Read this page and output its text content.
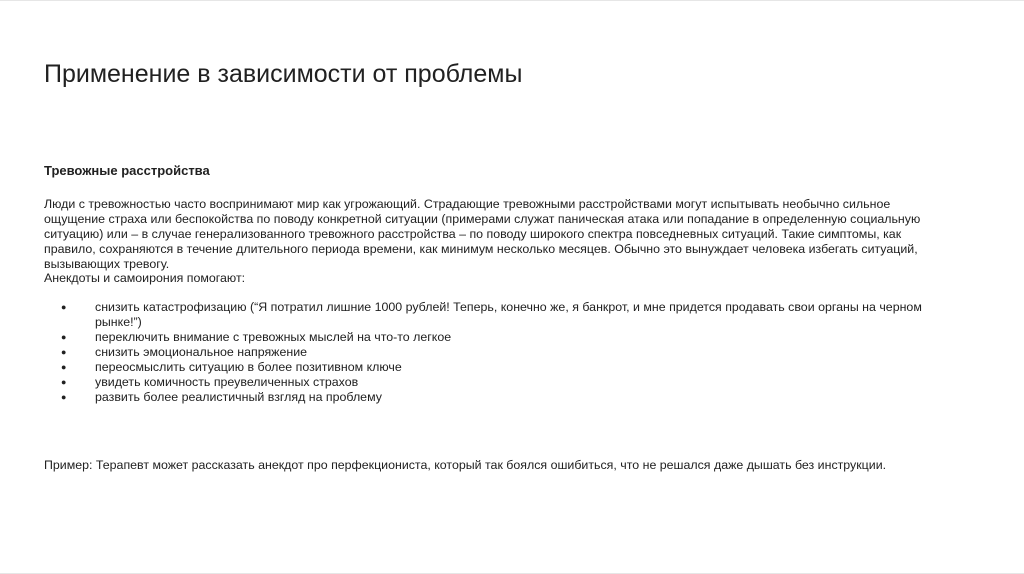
Применение в зависимости от проблемы
Тревожные расстройства
Люди с тревожностью часто воспринимают мир как угрожающий. Страдающие тревожными расстройствами могут испытывать необычно сильное
ощущение страха или беспокойства по поводу конкретной ситуации (примерами служат паническая атака или попадание в определенную социальную
ситуацию) или – в случае генерализованного тревожного расстройства – по поводу широкого спектра повседневных ситуаций. Такие симптомы, как
правило, сохраняются в течение длительного периода времени, как минимум несколько месяцев. Обычно это вынуждает человека избегать ситуаций,
вызывающих тревогу.
Анекдоты и самоирония помогают:
● снизить катастрофизацию (“Я потратил лишние 1000 рублей! Теперь, конечно же, я банкрот, и мне придется продавать свои органы на черном
рынке!”)
● переключить внимание с тревожных мыслей на что-то легкое
● снизить эмоциональное напряжение
● переосмыслить ситуацию в более позитивном ключе
● увидеть комичность преувеличенных страхов
● развить более реалистичный взгляд на проблему
Пример: Терапевт может рассказать анекдот про перфекциониста, который так боялся ошибиться, что не решался даже дышать без инструкции.
